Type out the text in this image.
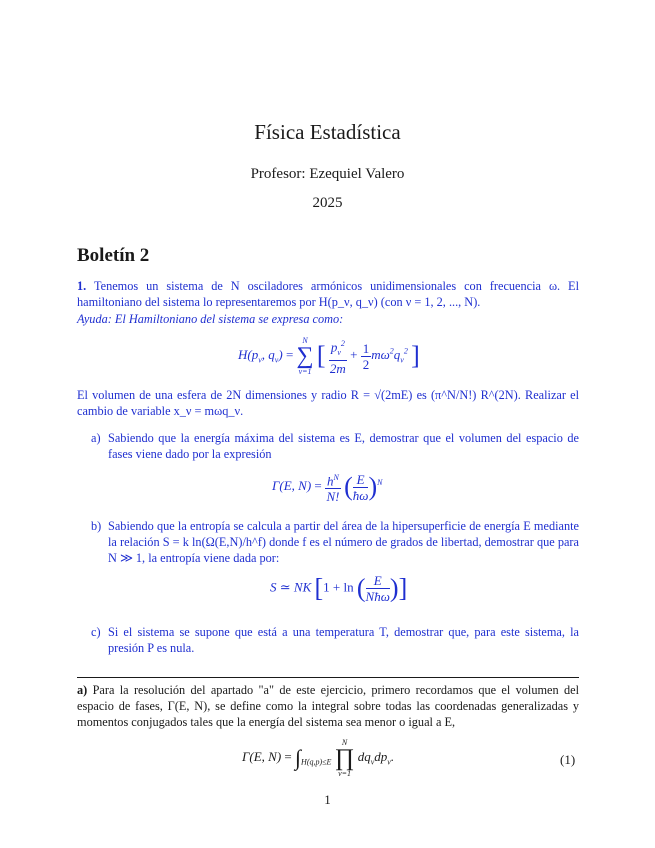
Física Estadística
Profesor: Ezequiel Valero
2025
Boletín 2
1. Tenemos un sistema de N osciladores armónicos unidimensionales con frecuencia ω. El hamiltoniano del sistema lo representaremos por H(p_ν, q_ν) (con ν = 1, 2, ..., N).
Ayuda: El Hamiltoniano del sistema se expresa como:
$H(p_\nu$, $q_\nu$) =
N
∑
ν=1
[ $\frac{p_\nu^2}{2m} + \frac{1}{2} m\omega^2q_\nu^2$ ]
El volumen de una esfera de 2N dimensiones y radio R = √(2mE) es (π^N/N!) R^(2N). Realizar el cambio de variable x_ν = mωq_ν.
a) Sabiendo que la energía máxima del sistema es E, demostrar que el volumen del espacio de fases viene dado por la expresión
Γ(E, $N) = \frac{h^N}{N!}$ ( $\frac{E}{ħ\omega} )^N$
b) Sabiendo que la entropía se calcula a partir del área de la hipersuperficie de energía E mediante la relación S = k ln(Ω(E,N)/h^f) donde f es el número de grados de libertad, demostrar que para N ≫ 1, la entropía viene dada por:
S ≃ NK [1 + ln ( $\frac{E}{\text{Nħω}}$ )]
c) Si el sistema se supone que está a una temperatura T, demostrar que, para este sistema, la presión P es nula.
a) Para la resolución del apartado "a" de este ejercicio, primero recordamos que el volumen del espacio de fases, Γ(E, N), se define como la integral sobre todas las coordenadas generalizadas y momentos conjugados tales que la energía del sistema sea menor o igual a E,
Γ(E, $N) = \int_{H(q,p)\le E}$
N
∏
ν=1
$dq_\nu dp_\nu$.	(1)
1
